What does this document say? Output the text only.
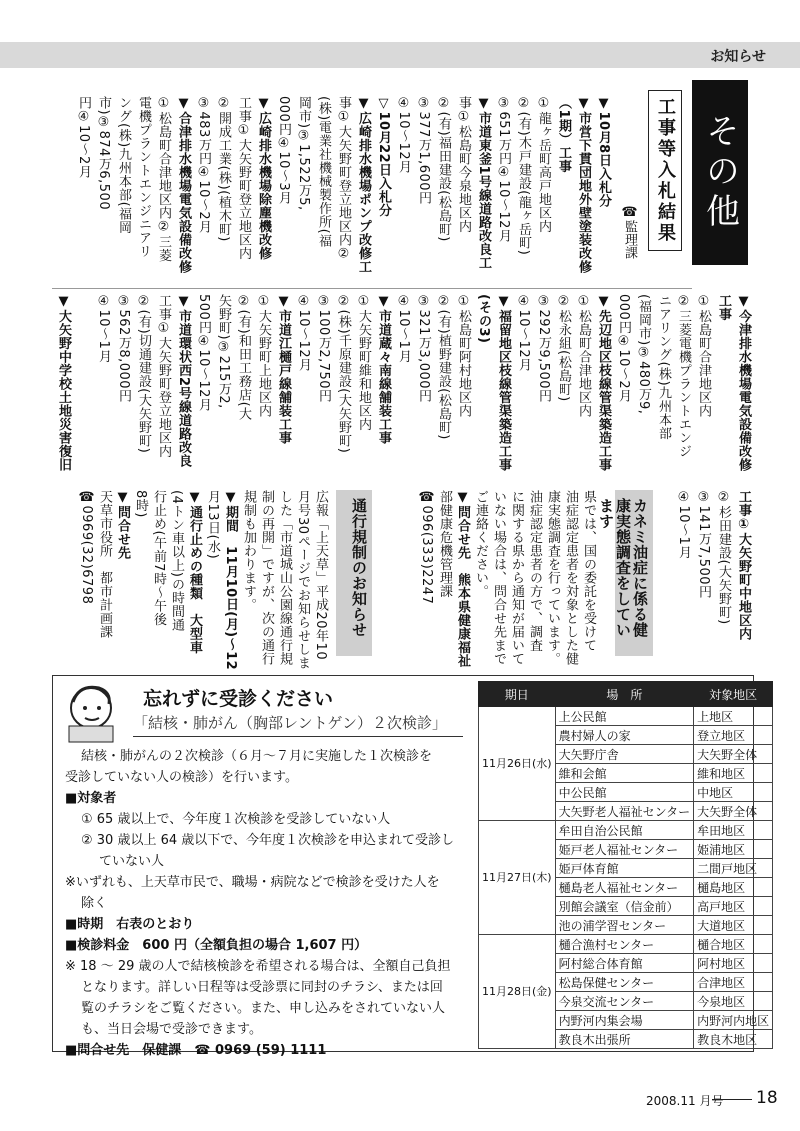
お知らせ
その他
工事等入札結果
☎監理課
▼10月8日入札分
▼市営下貫団地外壁塗装改修
（1期）工事
①龍ヶ岳町高戸地区内
②(有)木戸建設(龍ヶ岳町)
③651万円④10～12月
▼市道東釜1号線道路改良工
事①松島町今泉地区内
②(有)福田建設(松島町)
③377万1,600円
④10～12月
▽10月22日入札分
▼広崎排水機場ポンプ改修工
事①大矢野町登立地区内②
(株)電業社機械製作所(福
岡市)③1,522万5,
000円④10～3月
▼広崎排水機場除塵機改修
工事①大矢野町登立地区内
②開成工業(株)(植木町)
③483万円④10～2月
▼合津排水機場電気設備改修
①松島町合津地区内②三菱
電機プラントエンジニアリ
ング(株)九州本部(福岡
市)③874万6,500
円④10～2月
▼今津排水機場電気設備改修
工事
①松島町合津地区内
②三菱電機プラントエンジ
ニアリング(株)九州本部
(福岡市)③480万9,
000円④10～2月
▼先辺地区枝線管渠築造工事
①松島町合津地区内
②松永組(松島町)
③292万9,500円
④10～12月
▼福留地区枝線管渠築造工事
(その3)
①松島町阿村地区内
②(有)植野建設(松島町)
③321万3,000円
④10～1月
▼市道蔵々南線舗装工事
①大矢野町維和地区内
②(株)千原建設(大矢野町)
③100万2,750円
④10～12月
▼市道江樋戸線舗装工事
①大矢野町上地区内
②(有)和田工務店(大
矢野町)③215万2,
500円④10～12月
▼市道環状西2号線道路改良
工事①大矢野町登立地区内
②(有)切通建設(大矢野町)
③562万8,000円
④10～1月
▼大矢野中学校土地災害復旧
工事①大矢野町中地区内
②杉田建設(大矢野町)
③141万7,500円
④10～1月
カネミ油症に係る健康実態調査をしています
県では、国の委託を受けて
油症認定患者を対象とした健
康実態調査を行っています。
油症認定患者の方で、調査
に関する県から通知が届いて
いない場合は、問合せ先まで
ご連絡ください。
▼問合せ先　熊本県健康福祉
部健康危機管理課
☎096(333)2247
通行規制のお知らせ
広報「上天草」平成20年10
月号30ページでお知らせしま
した「市道城山公園線通行規
制の再開」ですが、次の通行
規制も加わります。
▼期間　11月10日(月)～12
月13日(水)
▼通行止めの種類　大型車
(4トン車以上)の時間通
行止め(午前7時～午後
8時)
▼問合せ先
天草市役所　都市計画課
☎0969(32)6798
忘れずに受診ください
「結核・肺がん（胸部レントゲン）２次検診」

結核・肺がんの２次検診（６月～７月に実施した１次検診を

受診していない人の検診）を行います。

■対象者

① 65 歳以上で、今年度１次検診を受診していない人

② 30 歳以上 64 歳以下で、今年度１次検診を申込まれて受診し

ていない人

※いずれも、上天草市民で、職場・病院などで検診を受けた人を

除く

■時期　右表のとおり

■検診料金　600 円（全額負担の場合 1,607 円）

※ 18 ～ 29 歳の人で結核検診を希望される場合は、全額自己負担

となります。詳しい日程等は受診票に同封のチラシ、または回

覧のチラシをご覧ください。また、申し込みをされていない人

も、当日会場で受診できます。

■問合せ先　保健課　☎ 0969 (59) 1111

期日	場　所	対象地区
11月26日(水)	上公民館	上地区
	農村婦人の家	登立地区
	大矢野庁舎	大矢野全体
	維和会館	維和地区
	中公民館	中地区
	大矢野老人福祉センター	大矢野全体
11月27日(木)	牟田自治公民館	牟田地区
	姫戸老人福祉センター	姫浦地区
	姫戸体育館	二間戸地区
	樋島老人福祉センター	樋島地区
	別館会議室（信金前）	高戸地区
	池の浦学習センター	大道地区
11月28日(金)	樋合漁村センター	樋合地区
	阿村総合体育館	阿村地区
	松島保健センター	合津地区
	今泉交流センター	今泉地区
	内野河内集会場	内野河内地区
	教良木出張所	教良木地区
2008.11 月号 18
